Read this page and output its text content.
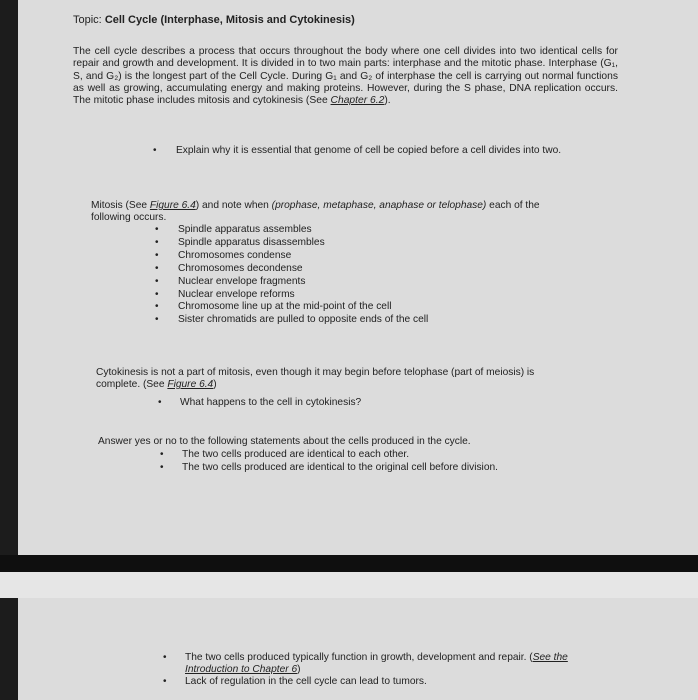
Topic: Cell Cycle (Interphase, Mitosis and Cytokinesis)
The cell cycle describes a process that occurs throughout the body where one cell divides into two identical cells for repair and growth and development. It is divided in to two main parts: interphase and the mitotic phase. Interphase (G₁, S, and G₂) is the longest part of the Cell Cycle. During G₁ and G₂ of interphase the cell is carrying out normal functions as well as growing, accumulating energy and making proteins. However, during the S phase, DNA replication occurs. The mitotic phase includes mitosis and cytokinesis (See Chapter 6.2).
• Explain why it is essential that genome of cell be copied before a cell divides into two.
Mitosis (See Figure 6.4) and note when (prophase, metaphase, anaphase or telophase) each of the
following occurs.
• Spindle apparatus assembles
• Spindle apparatus disassembles
• Chromosomes condense
• Chromosomes decondense
• Nuclear envelope fragments
• Nuclear envelope reforms
• Chromosome line up at the mid-point of the cell
• Sister chromatids are pulled to opposite ends of the cell
Cytokinesis is not a part of mitosis, even though it may begin before telophase (part of meiosis) is
complete. (See Figure 6.4)
• What happens to the cell in cytokinesis?
Answer yes or no to the following statements about the cells produced in the cycle.
• The two cells produced are identical to each other.
• The two cells produced are identical to the original cell before division.
• The two cells produced typically function in growth, development and repair. (See the
Introduction to Chapter 6)
• Lack of regulation in the cell cycle can lead to tumors.
